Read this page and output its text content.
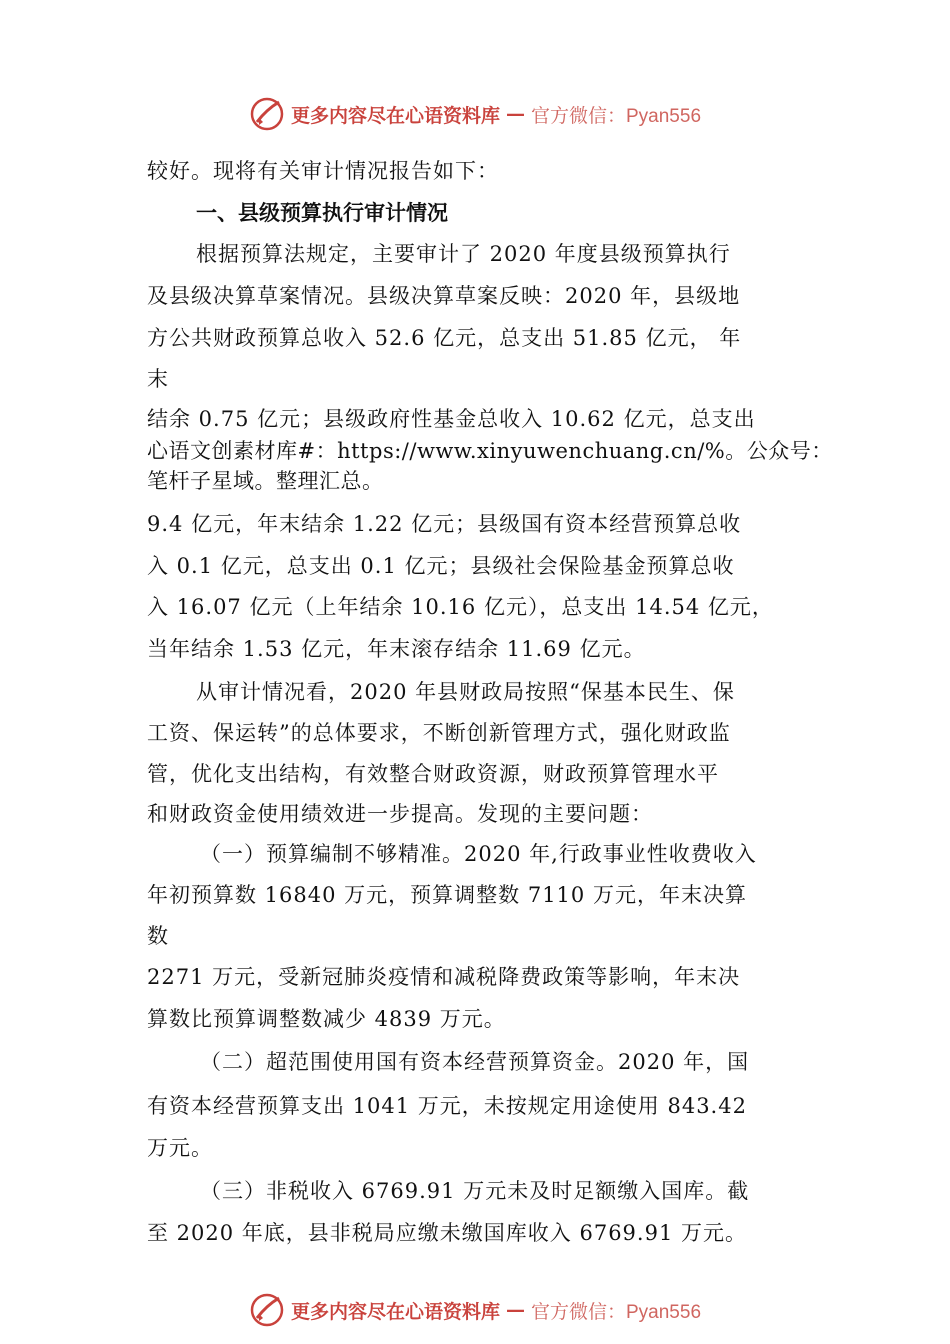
更多内容尽在心语资料库 — 官方微信：Pyan556
较好。现将有关审计情况报告如下：
一、县级预算执行审计情况
根据预算法规定，主要审计了 2020 年度县级预算执行
及县级决算草案情况。县级决算草案反映：2020 年，县级地
方公共财政预算总收入 52.6 亿元，总支出 51.85 亿元， 年
末
结余 0.75 亿元；县级政府性基金总收入 10.62 亿元，总支出
心语文创素材库#：https://www.xinyuwenchuang.cn/%。公众号：
笔杆子星域。整理汇总。
9.4 亿元，年末结余 1.22 亿元；县级国有资本经营预算总收
入 0.1 亿元，总支出 0.1 亿元；县级社会保险基金预算总收
入 16.07 亿元（上年结余 10.16 亿元），总支出 14.54 亿元，
当年结余 1.53 亿元，年末滚存结余 11.69 亿元。
从审计情况看，2020 年县财政局按照“保基本民生、保
工资、保运转”的总体要求，不断创新管理方式，强化财政监
管，优化支出结构，有效整合财政资源，财政预算管理水平
和财政资金使用绩效进一步提高。发现的主要问题：
（一）预算编制不够精准。2020 年,行政事业性收费收入
年初预算数 16840 万元，预算调整数 7110 万元，年末决算
数
2271 万元，受新冠肺炎疫情和减税降费政策等影响，年末决
算数比预算调整数减少 4839 万元。
（二）超范围使用国有资本经营预算资金。2020 年，国
有资本经营预算支出 1041 万元，未按规定用途使用 843.42
万元。
（三）非税收入 6769.91 万元未及时足额缴入国库。截
至 2020 年底，县非税局应缴未缴国库收入 6769.91 万元。
更多内容尽在心语资料库 — 官方微信：Pyan556
